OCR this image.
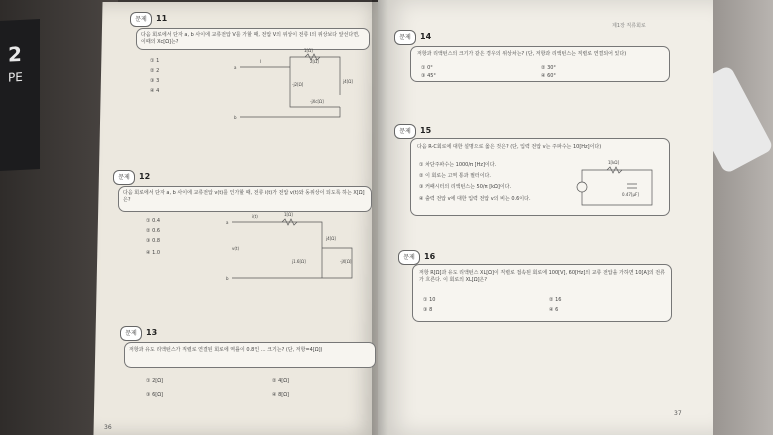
2
PE
제1장 직류회로
문제 11
다음 회로에서 단자 a, b 사이에 교류전압 V를 가할 때, 전압 V의 위상이 전류 I의 위상보다 앞선다면, 이때의 Xc[Ω]는?
① 1
② 2
③ 3
④ 4
1[Ω]
2[Ω]
j4[Ω]
-j2[Ω]
-jXc[Ω]
a
b
I
문제 12
다음 회로에서 단자 a, b 사이에 교류전압 v(t)를 인가할 때, 전류 i(t)가 전압 v(t)와 동위상이 되도록 하는 X[Ω]은?
① 0.4
② 0.6
③ 0.8
④ 1.0
i(t)	1[Ω]
j4[Ω]
-jX[Ω]
j1.6[Ω]
v(t)
a
b
문제 13
저항과 유도 리액턴스가 직렬로 연결된 회로에 역률이 0.8인 ... 크기는? (단, 저항=4[Ω])
① 2[Ω]	② 4[Ω]
③ 6[Ω]	④ 8[Ω]
36
문제 14
저항과 리액턴스의 크기가 같은 경우의 위상차는? (단, 저항과 리액턴스는 직렬로 연결되어 있다)
① 0°	② 30°
③ 45°	④ 60°
문제 15
다음 R-C회로에 대한 설명으로 옳은 것은? (단, 입력 전압 v는 주파수는 10[Hz]이다)
① 차단주파수는 1000/π [Hz]이다.
② 이 회로는 고역 통과 필터이다.
③ 커패시터의 리액턴스는 50/π [kΩ]이다.
④ 출력 전압 v에 대한 입력 전압 v의 비는 0.6이다.
1[kΩ]
0.47[μF]
문제 16
저항 R[Ω]과 유도 리액턴스 XL[Ω]이 직렬로 접속된 회로에 100[V], 60[Hz]의 교류 전압을 가하면 10[A]의 전류가 흐른다. 이 회로의 XL[Ω]은?
① 10	② 16
③ 8	④ 6
37
